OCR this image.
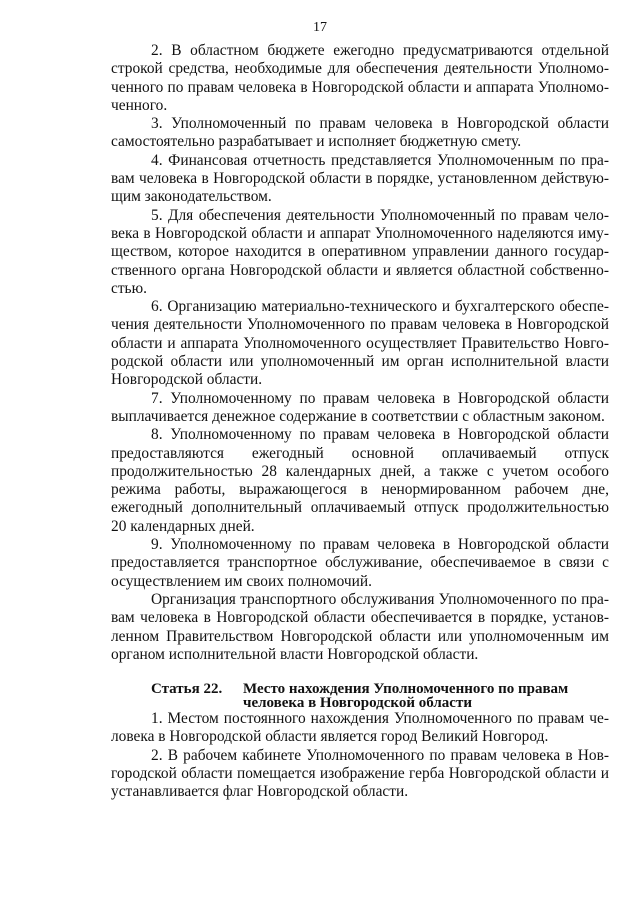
17

2. В областном бюджете ежегодно предусматриваются отдельной строкой средства, необходимые для обеспечения деятельности Уполномоченного по правам человека в Новгородской области и аппарата Уполномоченного.

3. Уполномоченный по правам человека в Новгородской области самостоятельно разрабатывает и исполняет бюджетную смету.

4. Финансовая отчетность представляется Уполномоченным по правам человека в Новгородской области в порядке, установленном действующим законодательством.

5. Для обеспечения деятельности Уполномоченный по правам человека в Новгородской области и аппарат Уполномоченного наделяются имуществом, которое находится в оперативном управлении данного государственного органа Новгородской области и является областной собственностью.

6. Организацию материально-технического и бухгалтерского обеспечения деятельности Уполномоченного по правам человека в Новгородской области и аппарата Уполномоченного осуществляет Правительство Новгородской области или уполномоченный им орган исполнительной власти Новгородской области.

7. Уполномоченному по правам человека в Новгородской области выплачивается денежное содержание в соответствии с областным законом.

8. Уполномоченному по правам человека в Новгородской области предоставляются ежегодный основной оплачиваемый отпуск продолжительностью 28 календарных дней, а также с учетом особого режима работы, выражающегося в ненормированном рабочем дне, ежегодный дополнительный оплачиваемый отпуск продолжительностью 20 календарных дней.

9. Уполномоченному по правам человека в Новгородской области предоставляется транспортное обслуживание, обеспечиваемое в связи с осуществлением им своих полномочий.

Организация транспортного обслуживания Уполномоченного по правам человека в Новгородской области обеспечивается в порядке, установленном Правительством Новгородской области или уполномоченным им органом исполнительной власти Новгородской области.

Статья 22.	Место нахождения Уполномоченного по правам человека в Новгородской области

1. Местом постоянного нахождения Уполномоченного по правам человека в Новгородской области является город Великий Новгород.

2. В рабочем кабинете Уполномоченного по правам человека в Новгородской области помещается изображение герба Новгородской области и устанавливается флаг Новгородской области.
